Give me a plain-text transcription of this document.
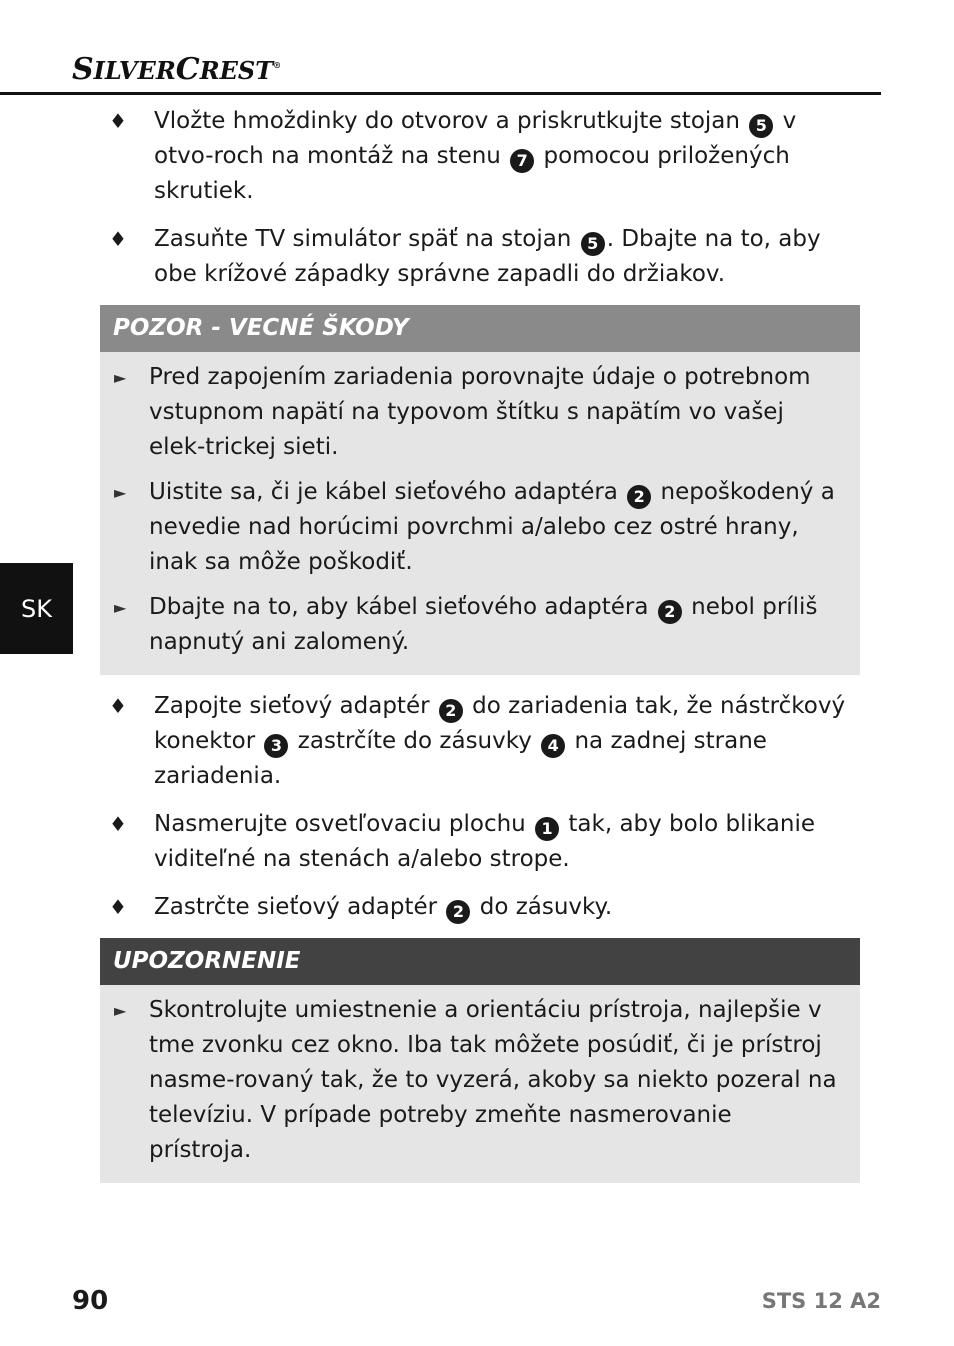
SILVERCREST®
SK
♦ Vložte hmoždinky do otvorov a priskrutkujte stojan 5 v otvo-roch na montáž na stenu 7 pomocou priložených skrutiek.
♦ Zasuňte TV simulátor späť na stojan 5 . Dbajte na to, aby obe krížové západky správne zapadli do držiakov.
POZOR - VECNÉ ŠKODY
► Pred zapojením zariadenia porovnajte údaje o potrebnom vstupnom napätí na typovom štítku s napätím vo vašej elek-trickej sieti.
► Uistite sa, či je kábel sieťového adaptéra 2 nepoškodený a nevedie nad horúcimi povrchmi a/alebo cez ostré hrany, inak sa môže poškodiť.
► Dbajte na to, aby kábel sieťového adaptéra 2 nebol príliš napnutý ani zalomený.
♦ Zapojte sieťový adaptér 2 do zariadenia tak, že nástrčkový konektor 3 zastrčíte do zásuvky 4 na zadnej strane zariadenia.
♦ Nasmerujte osvetľovaciu plochu 1 tak, aby bolo blikanie viditeľné na stenách a/alebo strope.
♦ Zastrčte sieťový adaptér 2 do zásuvky.
UPOZORNENIE
► Skontrolujte umiestnenie a orientáciu prístroja, najlepšie v tme zvonku cez okno. Iba tak môžete posúdiť, či je prístroj nasme-rovaný tak, že to vyzerá, akoby sa niekto pozeral na televíziu. V prípade potreby zmeňte nasmerovanie prístroja.
90	STS 12 A2
